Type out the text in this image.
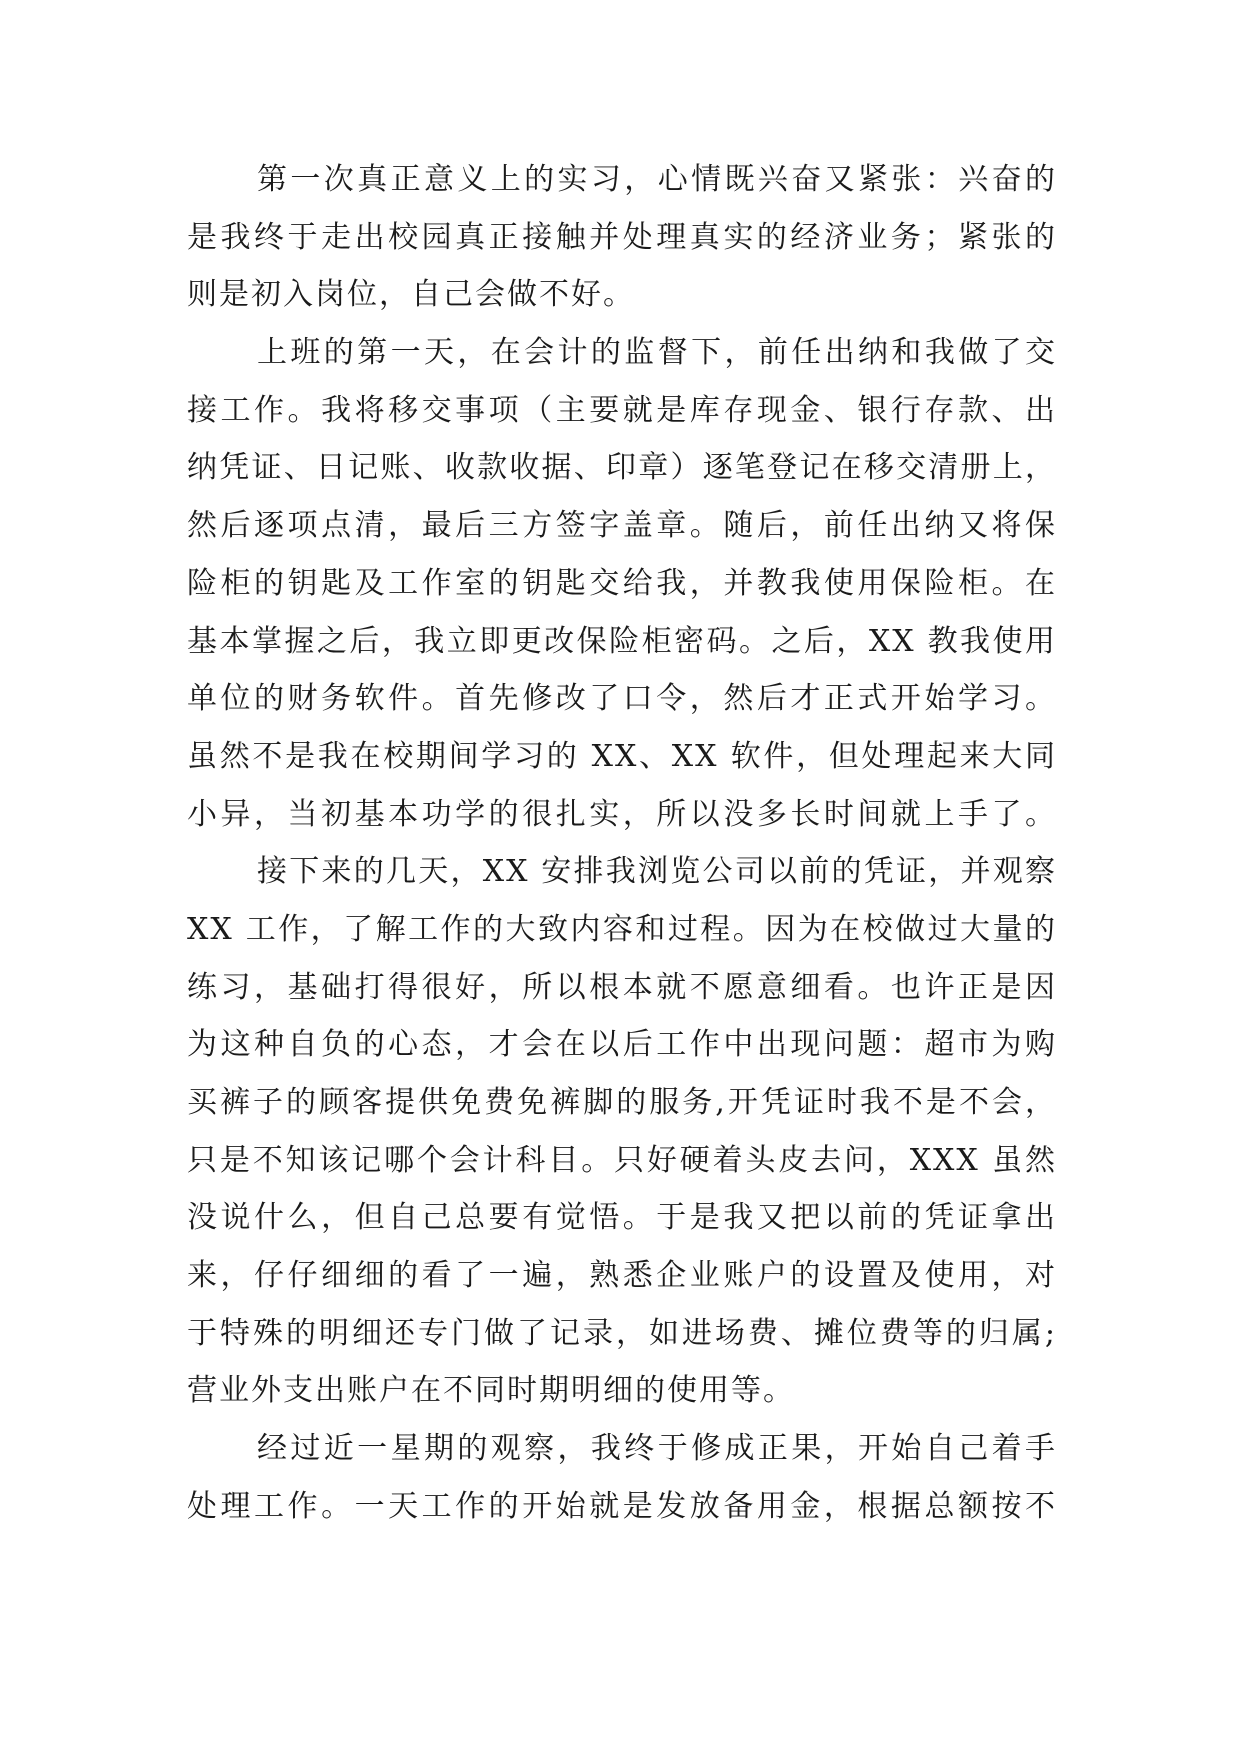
第一次真正意义上的实习，心情既兴奋又紧张：兴奋的
是我终于走出校园真正接触并处理真实的经济业务；紧张的
则是初入岗位，自己会做不好。
上班的第一天，在会计的监督下，前任出纳和我做了交
接工作。我将移交事项（主要就是库存现金、银行存款、出
纳凭证、日记账、收款收据、印章）逐笔登记在移交清册上，
然后逐项点清，最后三方签字盖章。随后，前任出纳又将保
险柜的钥匙及工作室的钥匙交给我，并教我使用保险柜。在
基本掌握之后，我立即更改保险柜密码。之后，XX 教我使用
单位的财务软件。首先修改了口令，然后才正式开始学习。
虽然不是我在校期间学习的 XX、XX 软件，但处理起来大同
小异，当初基本功学的很扎实，所以没多长时间就上手了。
接下来的几天，XX 安排我浏览公司以前的凭证，并观察
XX 工作，了解工作的大致内容和过程。因为在校做过大量的
练习，基础打得很好，所以根本就不愿意细看。也许正是因
为这种自负的心态，才会在以后工作中出现问题：超市为购
买裤子的顾客提供免费免裤脚的服务,开凭证时我不是不会，
只是不知该记哪个会计科目。只好硬着头皮去问，XXX 虽然
没说什么，但自己总要有觉悟。于是我又把以前的凭证拿出
来，仔仔细细的看了一遍，熟悉企业账户的设置及使用，对
于特殊的明细还专门做了记录，如进场费、摊位费等的归属;
营业外支出账户在不同时期明细的使用等。
经过近一星期的观察，我终于修成正果，开始自己着手
处理工作。一天工作的开始就是发放备用金，根据总额按不
